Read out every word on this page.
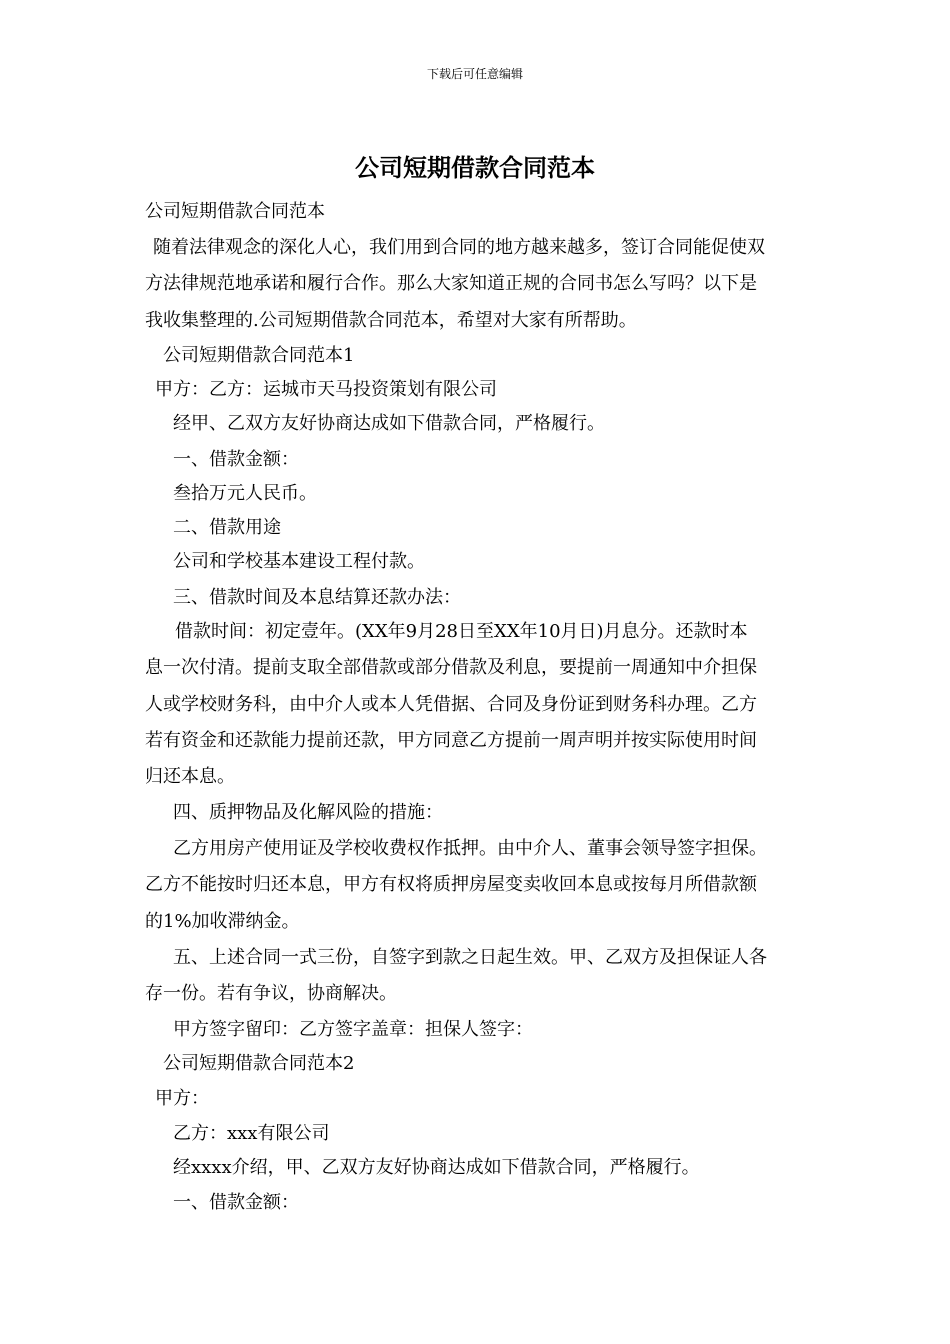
下载后可任意编辑
公司短期借款合同范本
公司短期借款合同范本
随着法律观念的深化人心，我们用到合同的地方越来越多，签订合同能促使双
方法律规范地承诺和履行合作。那么大家知道正规的合同书怎么写吗？以下是
我收集整理的.公司短期借款合同范本，希望对大家有所帮助。
公司短期借款合同范本1
甲方：乙方：运城市天马投资策划有限公司
经甲、乙双方友好协商达成如下借款合同，严格履行。
一、借款金额：
叁拾万元人民币。
二、借款用途
公司和学校基本建设工程付款。
三、借款时间及本息结算还款办法：
借款时间：初定壹年。(XX年9月28日至XX年10月日)月息分。还款时本
息一次付清。提前支取全部借款或部分借款及利息，要提前一周通知中介担保
人或学校财务科，由中介人或本人凭借据、合同及身份证到财务科办理。乙方
若有资金和还款能力提前还款，甲方同意乙方提前一周声明并按实际使用时间
归还本息。
四、质押物品及化解风险的措施：
乙方用房产使用证及学校收费权作抵押。由中介人、董事会领导签字担保。
乙方不能按时归还本息，甲方有权将质押房屋变卖收回本息或按每月所借款额
的1%加收滞纳金。
五、上述合同一式三份，自签字到款之日起生效。甲、乙双方及担保证人各
存一份。若有争议，协商解决。
甲方签字留印：乙方签字盖章：担保人签字：
公司短期借款合同范本2
甲方：
乙方：xxx有限公司
经xxxx介绍，甲、乙双方友好协商达成如下借款合同，严格履行。
一、借款金额：
